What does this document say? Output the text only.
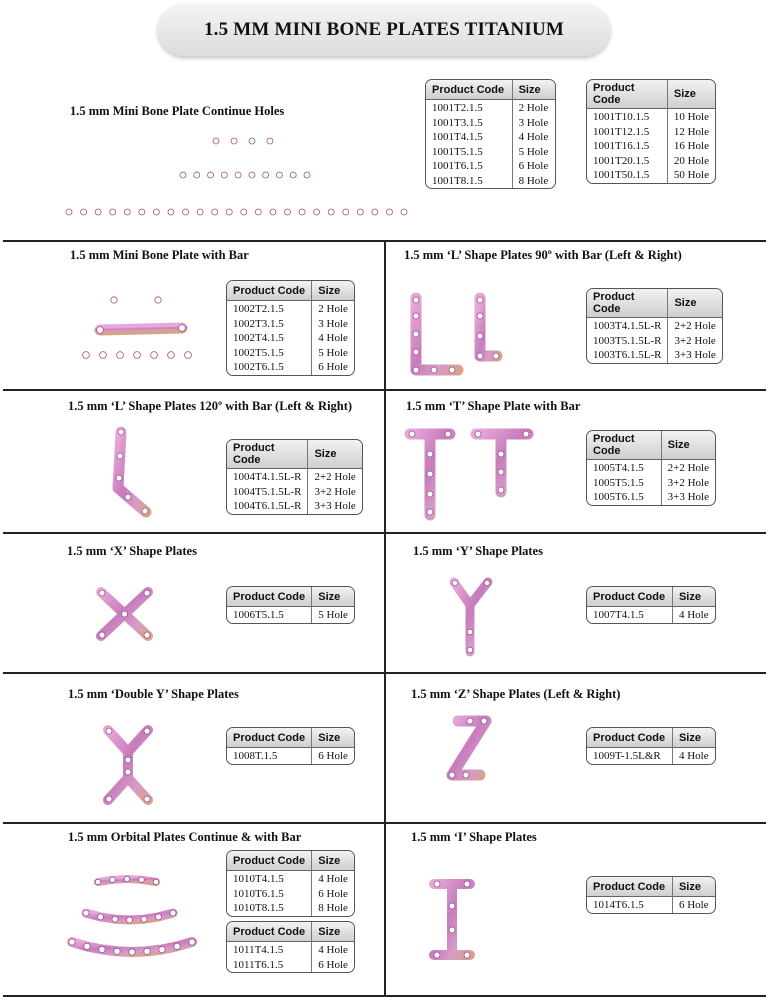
1.5 MM MINI BONE PLATES TITANIUM
1.5 mm Mini Bone Plate Continue Holes
1.5 mm Mini Bone Plate with Bar	1.5 mm ‘L’ Shape Plates 90º with Bar (Left & Right)
1.5 mm ‘L’ Shape Plates 120º with Bar (Left & Right)	1.5 mm ‘T’ Shape Plate with Bar
1.5 mm ‘X’ Shape Plates	1.5 mm ‘Y’ Shape Plates
1.5 mm ‘Double Y’ Shape Plates	1.5 mm ‘Z’ Shape Plates (Left & Right)
1.5 mm Orbital Plates Continue & with Bar	1.5 mm ‘I’ Shape Plates
Product Code	Size
1001T2.1.5	2 Hole
1001T3.1.5	3 Hole
1001T4.1.5	4 Hole
1001T5.1.5	5 Hole
1001T6.1.5	6 Hole
1001T8.1.5	8 Hole
Product Code	Size
1001T10.1.5	10 Hole
1001T12.1.5	12 Hole
1001T16.1.5	16 Hole
1001T20.1.5	20 Hole
1001T50.1.5	50 Hole
Product Code	Size
1002T2.1.5	2 Hole
1002T3.1.5	3 Hole
1002T4.1.5	4 Hole
1002T5.1.5	5 Hole
1002T6.1.5	6 Hole
Product Code	Size
1003T4.1.5L-R	2+2 Hole
1003T5.1.5L-R	3+2 Hole
1003T6.1.5L-R	3+3 Hole
Product Code	Size
1004T4.1.5L-R	2+2 Hole
1004T5.1.5L-R	3+2 Hole
1004T6.1.5L-R	3+3 Hole
Product Code	Size
1005T4.1.5	2+2 Hole
1005T5.1.5	3+2 Hole
1005T6.1.5	3+3 Hole
Product Code	Size
1006T5.1.5	5 Hole
Product Code	Size
1007T4.1.5	4 Hole
Product Code	Size
1008T.1.5	6 Hole
Product Code	Size
1009T-1.5L&R	4 Hole
Product Code	Size
1010T4.1.5	4 Hole
1010T6.1.5	6 Hole
1010T8.1.5	8 Hole
Product Code	Size
1011T4.1.5	4 Hole
1011T6.1.5	6 Hole
Product Code	Size
1014T6.1.5	6 Hole
